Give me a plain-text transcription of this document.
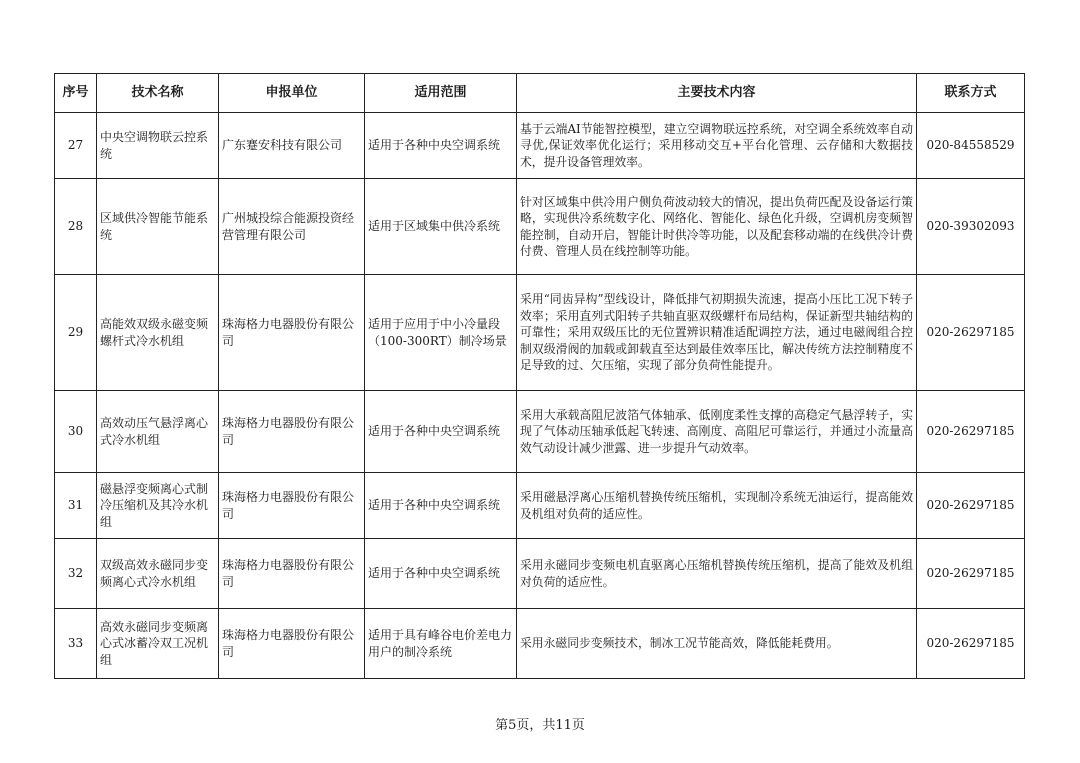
序号	技术名称	申报单位	适用范围	主要技术内容	联系方式
27	中央空调物联云控系统	广东蹇安科技有限公司	适用于各种中央空调系统	基于云端AI节能智控模型，建立空调物联远控系统，对空调全系统效率自动寻优,保证效率优化运行；采用移动交互+平台化管理、云存储和大数据技术，提升设备管理效率。	020-84558529
28	区域供冷智能节能系统	广州城投综合能源投资经营管理有限公司	适用于区域集中供冷系统	针对区域集中供冷用户侧负荷波动较大的情况，提出负荷匹配及设备运行策略，实现供冷系统数字化、网络化、智能化、绿色化升级，空调机房变频智能控制，自动开启，智能计时供冷等功能，以及配套移动端的在线供冷计费付费、管理人员在线控制等功能。	020-39302093
29	高能效双级永磁变频螺杆式冷水机组	珠海格力电器股份有限公司	适用于应用于中小冷量段（100-300RT）制冷场景	采用“同齿异构”型线设计，降低排气初期损失流速，提高小压比工况下转子效率；采用直列式阳转子共轴直驱双级螺杆布局结构，保证新型共轴结构的可靠性；采用双级压比的无位置辨识精准适配调控方法，通过电磁阀组合控制双级滑阀的加载或卸载直至达到最佳效率压比，解决传统方法控制精度不足导致的过、欠压缩，实现了部分负荷性能提升。	020-26297185
30	高效动压气悬浮离心式冷水机组	珠海格力电器股份有限公司	适用于各种中央空调系统	采用大承载高阻尼波箔气体轴承、低刚度柔性支撑的高稳定气悬浮转子，实现了气体动压轴承低起飞转速、高刚度、高阻尼可靠运行，并通过小流量高效气动设计减少泄露、进一步提升气动效率。	020-26297185
31	磁悬浮变频离心式制冷压缩机及其冷水机组	珠海格力电器股份有限公司	适用于各种中央空调系统	采用磁悬浮离心压缩机替换传统压缩机，实现制冷系统无油运行，提高能效及机组对负荷的适应性。	020-26297185
32	双级高效永磁同步变频离心式冷水机组	珠海格力电器股份有限公司	适用于各种中央空调系统	采用永磁同步变频电机直驱离心压缩机替换传统压缩机，提高了能效及机组对负荷的适应性。	020-26297185
33	高效永磁同步变频离心式冰蓄冷双工况机组	珠海格力电器股份有限公司	适用于具有峰谷电价差电力用户的制冷系统	采用永磁同步变频技术，制冰工况节能高效，降低能耗费用。	020-26297185
第5页，共11页
